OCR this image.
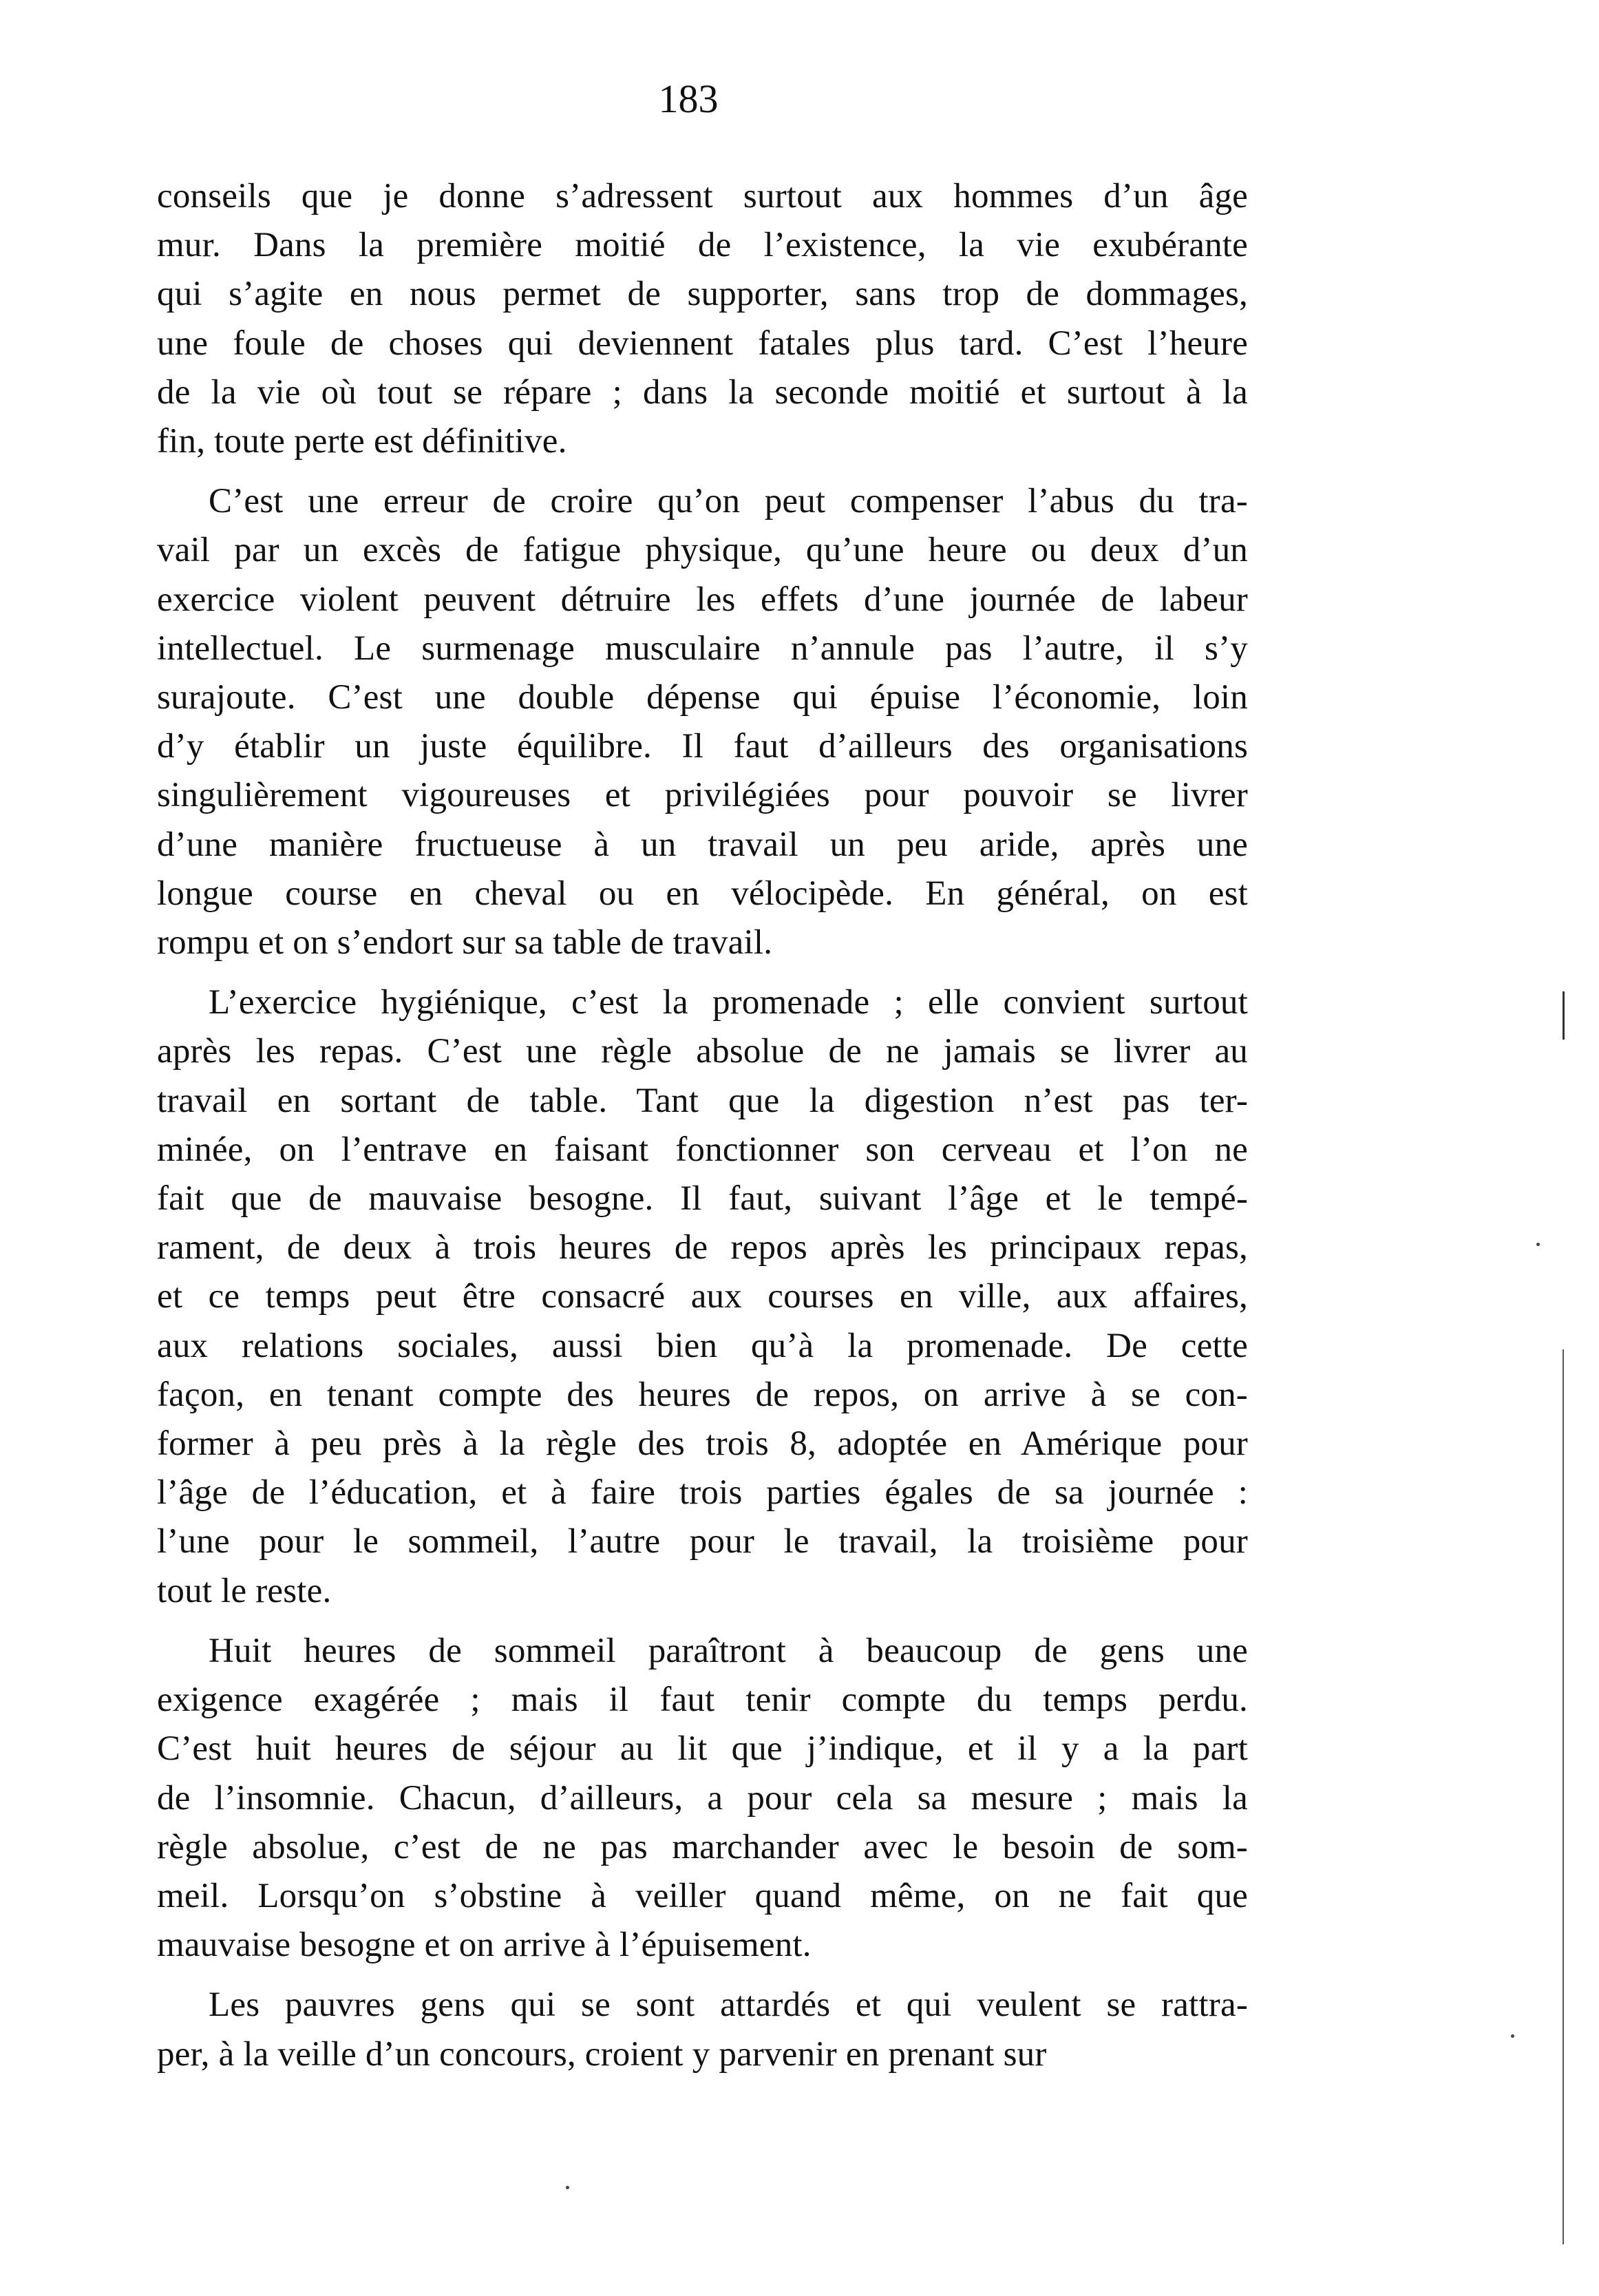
183
conseils que je donne s’adressent surtout aux hommes d’un âge
mur. Dans la première moitié de l’existence, la vie exubérante
qui s’agite en nous permet de supporter, sans trop de dommages,
une foule de choses qui deviennent fatales plus tard. C’est l’heure
de la vie où tout se répare ; dans la seconde moitié et surtout à la
fin, toute perte est définitive.
C’est une erreur de croire qu’on peut compenser l’abus du tra-
vail par un excès de fatigue physique, qu’une heure ou deux d’un
exercice violent peuvent détruire les effets d’une journée de labeur
intellectuel. Le surmenage musculaire n’annule pas l’autre, il s’y
surajoute. C’est une double dépense qui épuise l’économie, loin
d’y établir un juste équilibre. Il faut d’ailleurs des organisations
singulièrement vigoureuses et privilégiées pour pouvoir se livrer
d’une manière fructueuse à un travail un peu aride, après une
longue course en cheval ou en vélocipède. En général, on est
rompu et on s’endort sur sa table de travail.
L’exercice hygiénique, c’est la promenade ; elle convient surtout
après les repas. C’est une règle absolue de ne jamais se livrer au
travail en sortant de table. Tant que la digestion n’est pas ter-
minée, on l’entrave en faisant fonctionner son cerveau et l’on ne
fait que de mauvaise besogne. Il faut, suivant l’âge et le tempé-
rament, de deux à trois heures de repos après les principaux repas,
et ce temps peut être consacré aux courses en ville, aux affaires,
aux relations sociales, aussi bien qu’à la promenade. De cette
façon, en tenant compte des heures de repos, on arrive à se con-
former à peu près à la règle des trois 8, adoptée en Amérique pour
l’âge de l’éducation, et à faire trois parties égales de sa journée :
l’une pour le sommeil, l’autre pour le travail, la troisième pour
tout le reste.
Huit heures de sommeil paraîtront à beaucoup de gens une
exigence exagérée ; mais il faut tenir compte du temps perdu.
C’est huit heures de séjour au lit que j’indique, et il y a la part
de l’insomnie. Chacun, d’ailleurs, a pour cela sa mesure ; mais la
règle absolue, c’est de ne pas marchander avec le besoin de som-
meil. Lorsqu’on s’obstine à veiller quand même, on ne fait que
mauvaise besogne et on arrive à l’épuisement.
Les pauvres gens qui se sont attardés et qui veulent se rattra-
per, à la veille d’un concours, croient y parvenir en prenant sur
